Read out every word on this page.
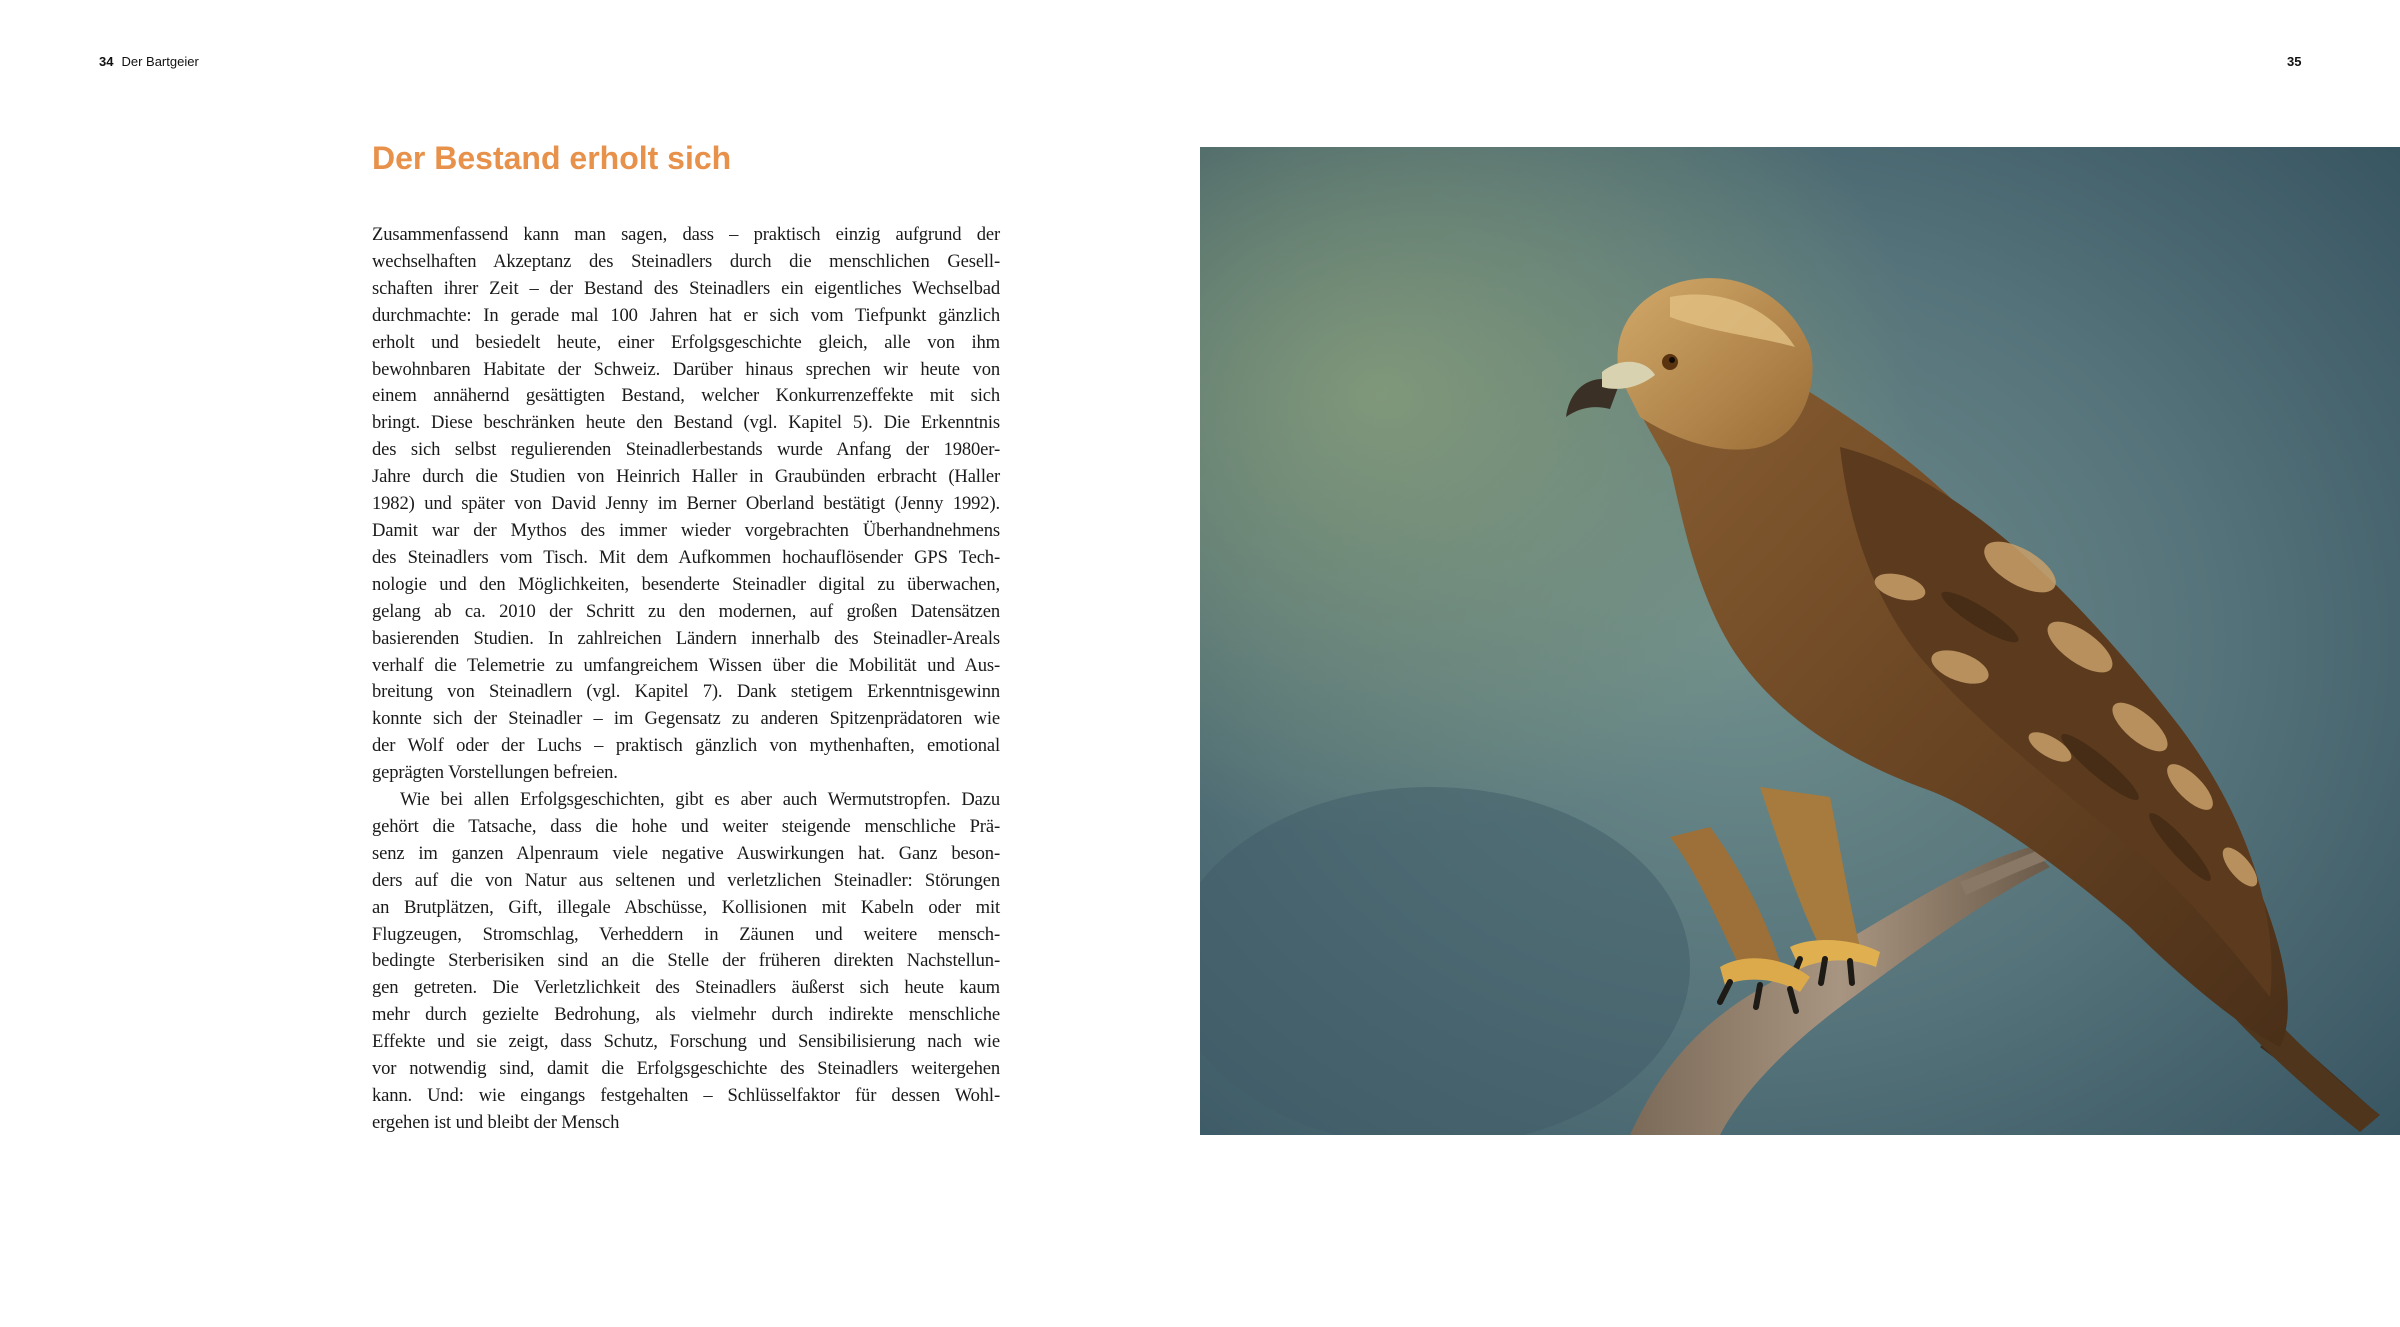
34 Der Bartgeier	35
Der Bestand erholt sich

Zusammenfassend kann man sagen, dass – praktisch einzig aufgrund der
wechselhaften Akzeptanz des Steinadlers durch die menschlichen Gesell-
schaften ihrer Zeit – der Bestand des Steinadlers ein eigentliches Wechselbad
durchmachte: In gerade mal 100 Jahren hat er sich vom Tiefpunkt gänzlich
erholt und besiedelt heute, einer Erfolgsgeschichte gleich, alle von ihm
bewohnbaren Habitate der Schweiz. Darüber hinaus sprechen wir heute von
einem annähernd gesättigten Bestand, welcher Konkurrenzeffekte mit sich
bringt. Diese beschränken heute den Bestand (vgl. Kapitel 5). Die Erkenntnis
des sich selbst regulierenden Steinadlerbestands wurde Anfang der 1980er-
Jahre durch die Studien von Heinrich Haller in Graubünden erbracht (Haller
1982) und später von David Jenny im Berner Oberland bestätigt (Jenny 1992).
Damit war der Mythos des immer wieder vorgebrachten Überhandnehmens
des Steinadlers vom Tisch. Mit dem Aufkommen hochauflösender GPS Tech-
nologie und den Möglichkeiten, besenderte Steinadler digital zu überwachen,
gelang ab ca. 2010 der Schritt zu den modernen, auf großen Datensätzen
basierenden Studien. In zahlreichen Ländern innerhalb des Steinadler-Areals
verhalf die Telemetrie zu umfangreichem Wissen über die Mobilität und Aus-
breitung von Steinadlern (vgl. Kapitel 7). Dank stetigem Erkenntnisgewinn
konnte sich der Steinadler – im Gegensatz zu anderen Spitzenprädatoren wie
der Wolf oder der Luchs – praktisch gänzlich von mythenhaften, emotional
geprägten Vorstellungen befreien.

Wie bei allen Erfolgsgeschichten, gibt es aber auch Wermutstropfen. Dazu
gehört die Tatsache, dass die hohe und weiter steigende menschliche Prä-
senz im ganzen Alpenraum viele negative Auswirkungen hat. Ganz beson-
ders auf die von Natur aus seltenen und verletzlichen Steinadler: Störungen
an Brutplätzen, Gift, illegale Abschüsse, Kollisionen mit Kabeln oder mit
Flugzeugen, Stromschlag, Verheddern in Zäunen und weitere mensch-
bedingte Sterberisiken sind an die Stelle der früheren direkten Nachstellun-
gen getreten. Die Verletzlichkeit des Steinadlers äußerst sich heute kaum
mehr durch gezielte Bedrohung, als vielmehr durch indirekte menschliche
Effekte und sie zeigt, dass Schutz, Forschung und Sensibilisierung nach wie
vor notwendig sind, damit die Erfolgsgeschichte des Steinadlers weitergehen
kann. Und: wie eingangs festgehalten – Schlüsselfaktor für dessen Wohl-
ergehen ist und bleibt der Mensch
